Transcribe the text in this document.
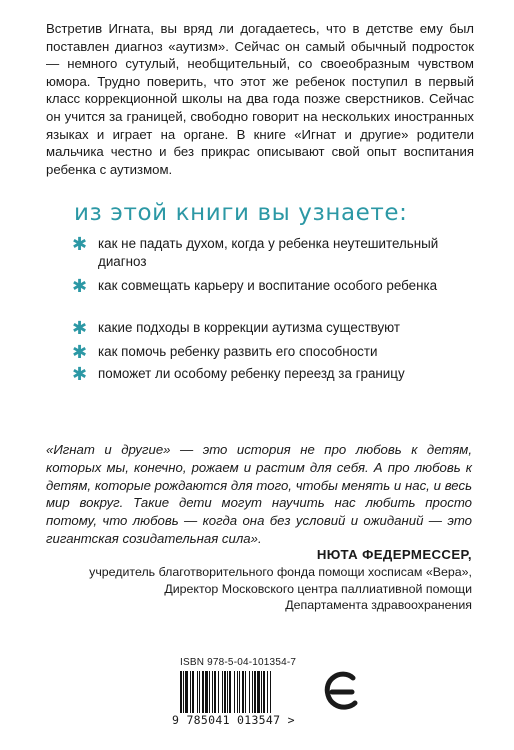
Встретив Игната, вы вряд ли догадаетесь, что в детстве ему был поставлен диагноз «аутизм». Сейчас он самый обычный подросток — немного сутулый, необщительный, со своеобразным чувством юмора. Трудно поверить, что этот же ребенок поступил в первый класс коррекционной школы на два года позже сверстников. Сейчас он учится за границей, свободно говорит на нескольких иностранных языках и играет на органе. В книге «Игнат и другие» родители мальчика честно и без прикрас описывают свой опыт воспитания ребенка с аутизмом.

из этой книги вы узнаете:
✱ как не падать духом, когда у ребенка неутешительный диагноз
✱ как совмещать карьеру и воспитание особого ребенка
✱ какие подходы в коррекции аутизма существуют
✱ как помочь ребенку развить его способности
✱ поможет ли особому ребенку переезд за границу

«Игнат и другие» — это история не про любовь к детям, которых мы, конечно, рожаем и растим для себя. А про любовь к детям, которые рождаются для того, чтобы менять и нас, и весь мир вокруг. Такие дети могут научить нас любить просто потому, что любовь — когда она без условий и ожиданий — это гигантская созидательная сила».

НЮТА ФЕДЕРМЕССЕР,
учредитель благотворительного фонда помощи хосписам «Вера»,
Директор Московского центра паллиативной помощи
Департамента здравоохранения
ISBN 978-5-04-101354-7
9 785041 013547 >
